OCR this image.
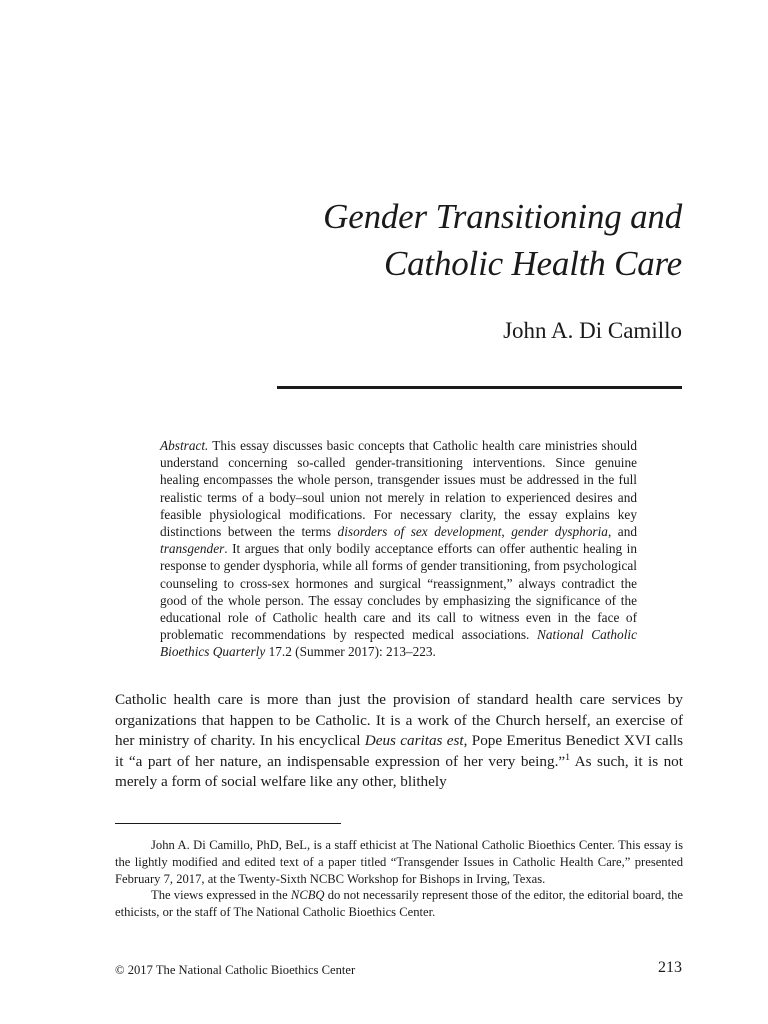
Gender Transitioning and
Catholic Health Care
John A. Di Camillo
Abstract. This essay discusses basic concepts that Catholic health care ministries should understand concerning so-called gender-transitioning interventions. Since genuine healing encompasses the whole person, transgender issues must be addressed in the full realistic terms of a body–soul union not merely in relation to experienced desires and feasible physiological modifications. For necessary clarity, the essay explains key distinctions between the terms disorders of sex development, gender dysphoria, and transgender. It argues that only bodily acceptance efforts can offer authentic healing in response to gender dysphoria, while all forms of gender transitioning, from psychological counseling to cross-sex hormones and surgical “reassignment,” always contradict the good of the whole person. The essay concludes by emphasizing the significance of the educational role of Catholic health care and its call to witness even in the face of problematic recommendations by respected medical associations. National Catholic Bioethics Quarterly 17.2 (Summer 2017): 213–223.
Catholic health care is more than just the provision of standard health care services by organizations that happen to be Catholic. It is a work of the Church herself, an exercise of her ministry of charity. In his encyclical Deus caritas est, Pope Emeritus Benedict XVI calls it “a part of her nature, an indispensable expression of her very being.”$^1$ As such, it is not merely a form of social welfare like any other, blithely

John A. Di Camillo, PhD, BeL, is a staff ethicist at The National Catholic Bioethics Center. This essay is the lightly modified and edited text of a paper titled “Transgender Issues in Catholic Health Care,” presented February 7, 2017, at the Twenty-Sixth NCBC Workshop for Bishops in Irving, Texas.

The views expressed in the NCBQ do not necessarily represent those of the editor, the editorial board, the ethicists, or the staff of The National Catholic Bioethics Center.

© 2017 The National Catholic Bioethics Center	213
